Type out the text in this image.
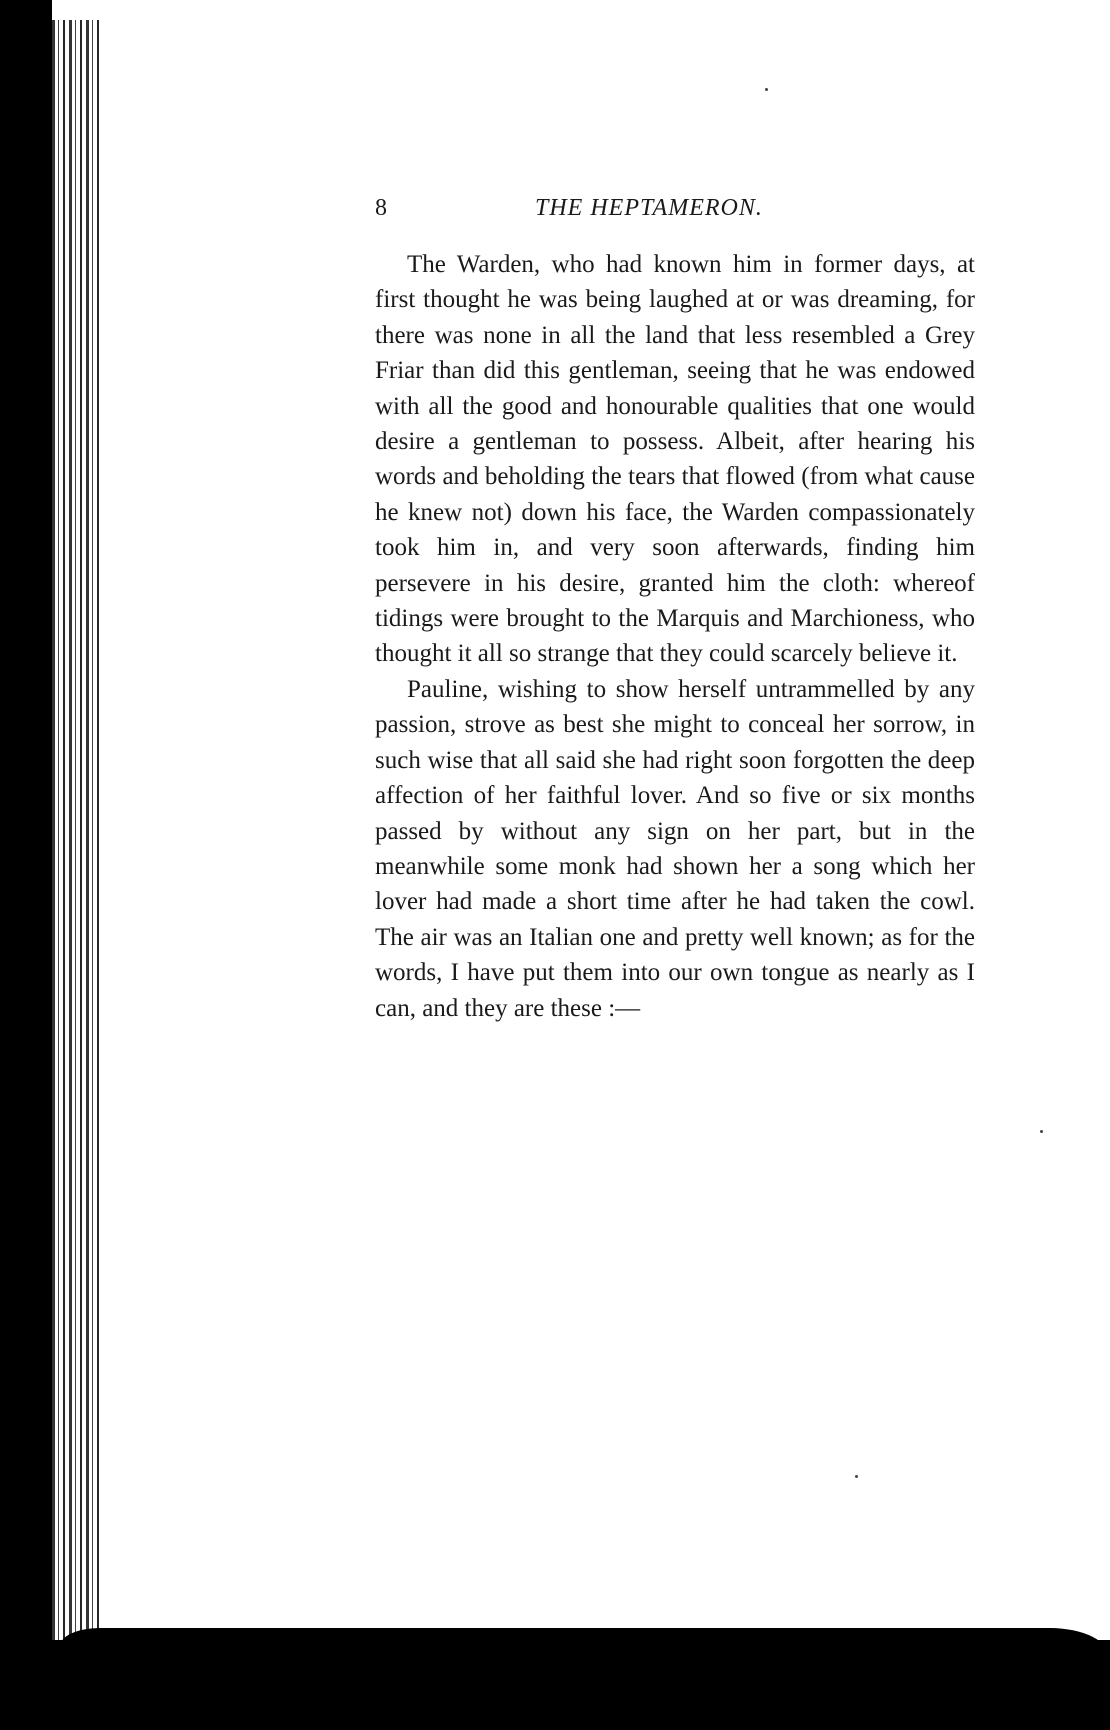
8	THE HEPTAMERON.

The Warden, who had known him in former days, at first thought he was being laughed at or was dreaming, for there was none in all the land that less resembled a Grey Friar than did this gentleman, seeing that he was endowed with all the good and honourable qualities that one would desire a gentleman to possess. Albeit, after hearing his words and beholding the tears that flowed (from what cause he knew not) down his face, the Warden compassionately took him in, and very soon afterwards, finding him persevere in his desire, granted him the cloth: whereof tidings were brought to the Marquis and Marchioness, who thought it all so strange that they could scarcely believe it.

Pauline, wishing to show herself untrammelled by any passion, strove as best she might to conceal her sorrow, in such wise that all said she had right soon forgotten the deep affection of her faithful lover. And so five or six months passed by without any sign on her part, but in the meanwhile some monk had shown her a song which her lover had made a short time after he had taken the cowl. The air was an Italian one and pretty well known; as for the words, I have put them into our own tongue as nearly as I can, and they are these :—
